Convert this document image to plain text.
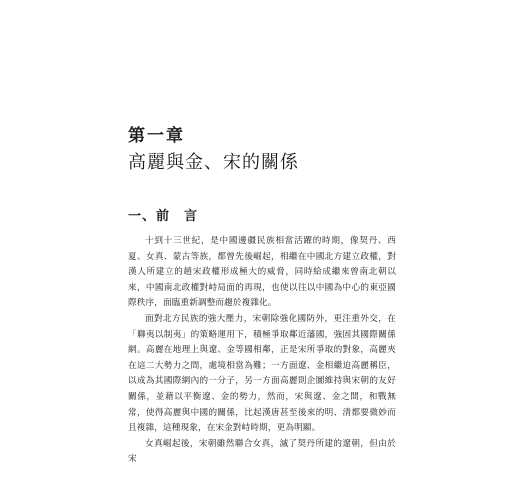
第一章
高麗與金、宋的關係
一、前　言

十到十三世紀，是中國邊疆民族相當活躍的時期，像契丹、西夏、女真、蒙古等族，都曾先後崛起，相繼在中國北方建立政權，對漢人所建立的趙宋政權形成極大的威脅，同時給成繼來曾南北朝以來，中國南北政權對峙局面的再現，也使以往以中國為中心的東亞國際秩序，面臨重新調整而趨於複雜化。

面對北方民族的強大壓力，宋朝除強化國防外，更注重外交，在「聯夷以制夷」的策略運用下，積極爭取鄰近藩國，強固其國際關係網。高麗在地理上與遼、金等國相鄰，正是宋所爭取的對象，高麗夾在這二大勢力之間，處境相當為難；一方面遼、金相繼迫高麗稱臣，以成為其國際網內的一分子，另一方面高麗則企圖維持與宋朝的友好關係，並藉以平衡遼、金的勢力，然而，宋與遼、金之間，和戰無常，使得高麗與中國的關係，比起漢唐甚至後來的明、清都要微妙而且複雜，這種現象，在宋金對峙時期，更為明顯。

女真崛起後，宋朝雖然聯合女真，滅了契丹所建的遼朝，但由於宋
